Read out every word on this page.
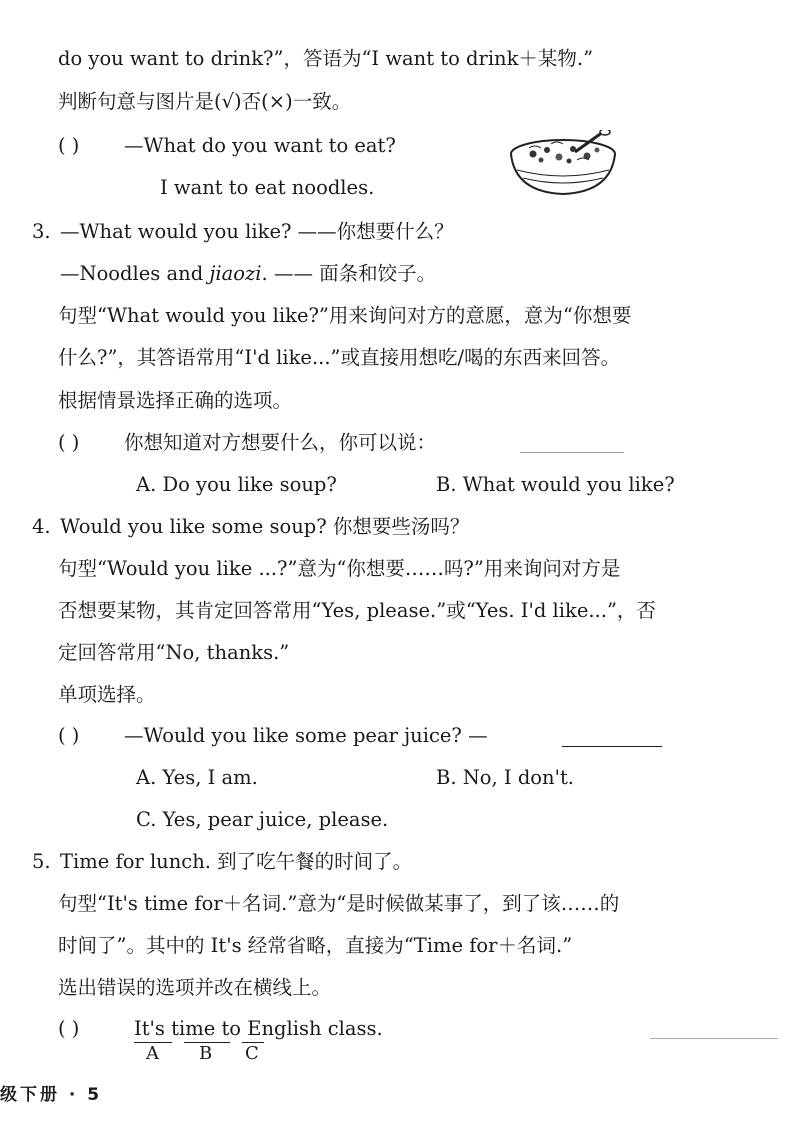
do you want to drink?”，答语为“I want to drink＋某物.”
判断句意与图片是(√)否(×)一致。
( ) —What do you want to eat?
I want to eat noodles.
3. —What would you like? ——你想要什么？
—Noodles and jiaozi. —— 面条和饺子。
句型“What would you like?”用来询问对方的意愿，意为“你想要
什么?”，其答语常用“I'd like...”或直接用想吃/喝的东西来回答。
根据情景选择正确的选项。
( ) 你想知道对方想要什么，你可以说：
A. Do you like soup?	B. What would you like?
4. Would you like some soup? 你想要些汤吗？
句型“Would you like ...?”意为“你想要……吗?”用来询问对方是
否想要某物，其肯定回答常用“Yes, please.”或“Yes. I'd like...”，否
定回答常用“No, thanks.”
单项选择。
( ) —Would you like some pear juice? —
A. Yes, I am.	B. No, I don't.
C. Yes, pear juice, please.
5. Time for lunch. 到了吃午餐的时间了。
句型“It's time for＋名词.”意为“是时候做某事了，到了该……的
时间了”。其中的 It's 经常省略，直接为“Time for＋名词.”
选出错误的选项并改在横线上。
( )	It's time to English class.
A B C
级下册 · 5
